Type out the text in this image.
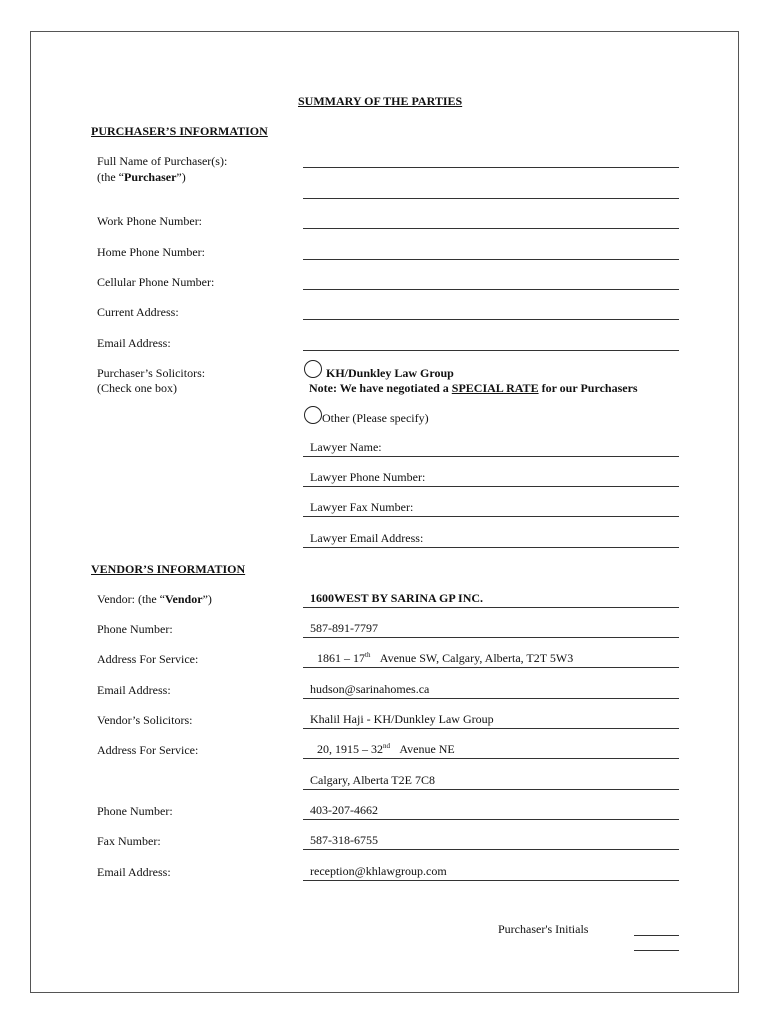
SUMMARY OF THE PARTIES
PURCHASER’S INFORMATION
Full Name of Purchaser(s):
(the “Purchaser”)
Work Phone Number:
Home Phone Number:
Cellular Phone Number:
Current Address:
Email Address:
Purchaser’s Solicitors:
(Check one box)
KH/Dunkley Law Group
Note: We have negotiated a SPECIAL RATE for our Purchasers
Other (Please specify)
Lawyer Name:
Lawyer Phone Number:
Lawyer Fax Number:
Lawyer Email Address:
VENDOR’S INFORMATION
Vendor: (the “Vendor”)	1600WEST BY SARINA GP INC.
Phone Number:	587-891-7797
Address For Service:	1861 – 17th Avenue SW, Calgary, Alberta, T2T 5W3
Email Address:	hudson@sarinahomes.ca
Vendor’s Solicitors:	Khalil Haji - KH/Dunkley Law Group
Address For Service:	20, 1915 – 32nd Avenue NE
Calgary, Alberta T2E 7C8
Phone Number:	403-207-4662
Fax Number:	587-318-6755
Email Address:	reception@khlawgroup.com
Purchaser's Initials
